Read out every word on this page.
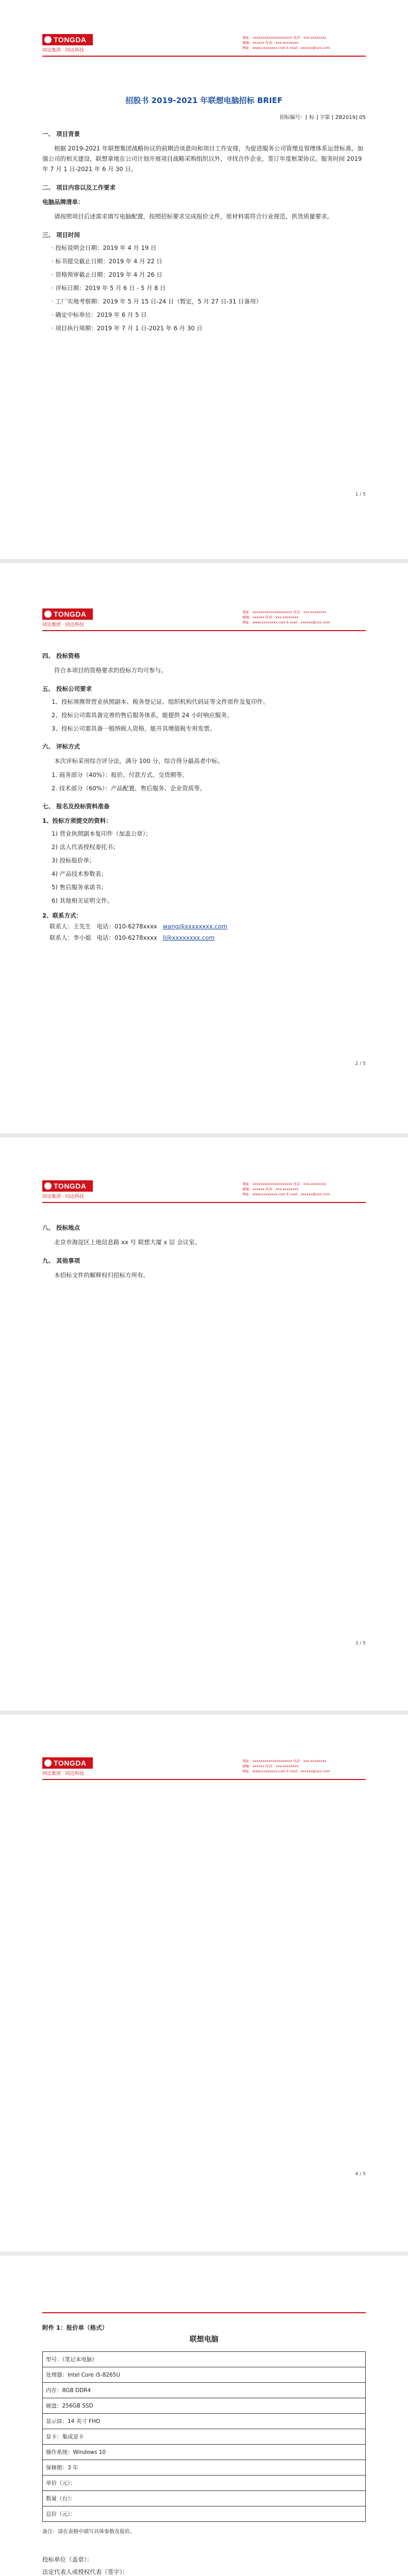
TONGDA
同达集团 · 同达科技
地址：xxxxxxxxxxxxxxxxxxxx 电话：xxx-xxxxxxxx
邮编：xxxxxx 传真：xxx-xxxxxxxx
网址：www.xxxxxxxx.com E-mail：xxxxxx@xxx.com
招股书 2019-2021 年联想电脑招标 BRIEF
招标编号：[ 标 ] 字第 [ ZB2019] 05
一、 项目背景

根据 2019-2021 年联想集团战略协议的前期洽谈意向和项目工作安排，为促进服务公司管理及管理体系运营标准，加强公司的相关建设，联想拿地在公司计划开展项目战略采购组织以外，寻找合作企业，签订年度框架协议。服务时间 2019 年 7 月 1 日-2021 年 6 月 30 日。

二、 项目内容以及工作要求
电脑品牌清单：

请按照项目后述需求填写电脑配置，按照招标要求完成报价文件，原材料需符合行业规范，供货质量要求。

三、 项目时间
· 投标说明会日期：2019 年 4 月 19 日
· 标书提交截止日期：2019 年 4 月 22 日
· 资格预审截止日期：2019 年 4 月 26 日
· 评标日期：2019 年 5 月 6 日 - 5 月 8 日
· 工厂实地考察期：2019 年 5 月 15 日-24 日（暂定，5 月 27 日-31 日备用）
· 确定中标单位：2019 年 6 月 5 日
· 项目执行周期：2019 年 7 月 1 日-2021 年 6 月 30 日
1 / 5
TONGDA
同达集团 · 同达科技
地址：xxxxxxxxxxxxxxxxxxxx 电话：xxx-xxxxxxxx
邮编：xxxxxx 传真：xxx-xxxxxxxx
网址：www.xxxxxxxx.com E-mail：xxxxxx@xxx.com
四、 投标资格

符合本项目的资格要求的投标方均可参与。

五、 投标公司要求
1、投标须携带营业执照副本、税务登记证、组织机构代码证等文件原件及复印件。
2、投标公司需具备完善的售后服务体系，能提供 24 小时响应服务。
3、投标公司需具备一般纳税人资格，能开具增值税专用发票。
六、 评标方式

本次评标采用综合评分法，满分 100 分，综合得分最高者中标。

1. 商务部分（40%）：报价、付款方式、交货期等。
2. 技术部分（60%）：产品配置、售后服务、企业资质等。
七、 报名及投标资料准备
1、投标方须提交的资料：
1) 营业执照副本复印件（加盖公章）；
2) 法人代表授权委托书；
3) 投标报价单；
4) 产品技术参数表；
5) 售后服务承诺书；
6) 其他相关证明文件。
2、联系方式：
联系人：王先生 电话：010-6278xxxx wang@xxxxxxxx.com
联系人：李小姐 电话：010-6278xxxx li@xxxxxxxx.com
2 / 5
TONGDA
同达集团 · 同达科技
地址：xxxxxxxxxxxxxxxxxxxx 电话：xxx-xxxxxxxx
邮编：xxxxxx 传真：xxx-xxxxxxxx
网址：www.xxxxxxxx.com E-mail：xxxxxx@xxx.com
八、 投标地点

北京市海淀区上地信息路 xx 号 联想大厦 x 层 会议室。

九、 其他事项

本招标文件的解释权归招标方所有。

3 / 5
TONGDA
同达集团 · 同达科技
地址：xxxxxxxxxxxxxxxxxxxx 电话：xxx-xxxxxxxx
邮编：xxxxxx 传真：xxx-xxxxxxxx
网址：www.xxxxxxxx.com E-mail：xxxxxx@xxx.com
4 / 5
附件 1：报价单（格式）
联想电脑
型号：（笔记本电脑）
处理器：Intel Core i5-8265U
内存：8GB DDR4
硬盘：256GB SSD
显示屏：14 英寸 FHD
显卡：集成显卡
操作系统：Windows 10
保修期：3 年
单价（元）：
数量（台）：
总价（元）：
备注：请在表格中填写具体参数及报价。
投标单位（盖章）：
法定代表人或授权代表（签字）：
